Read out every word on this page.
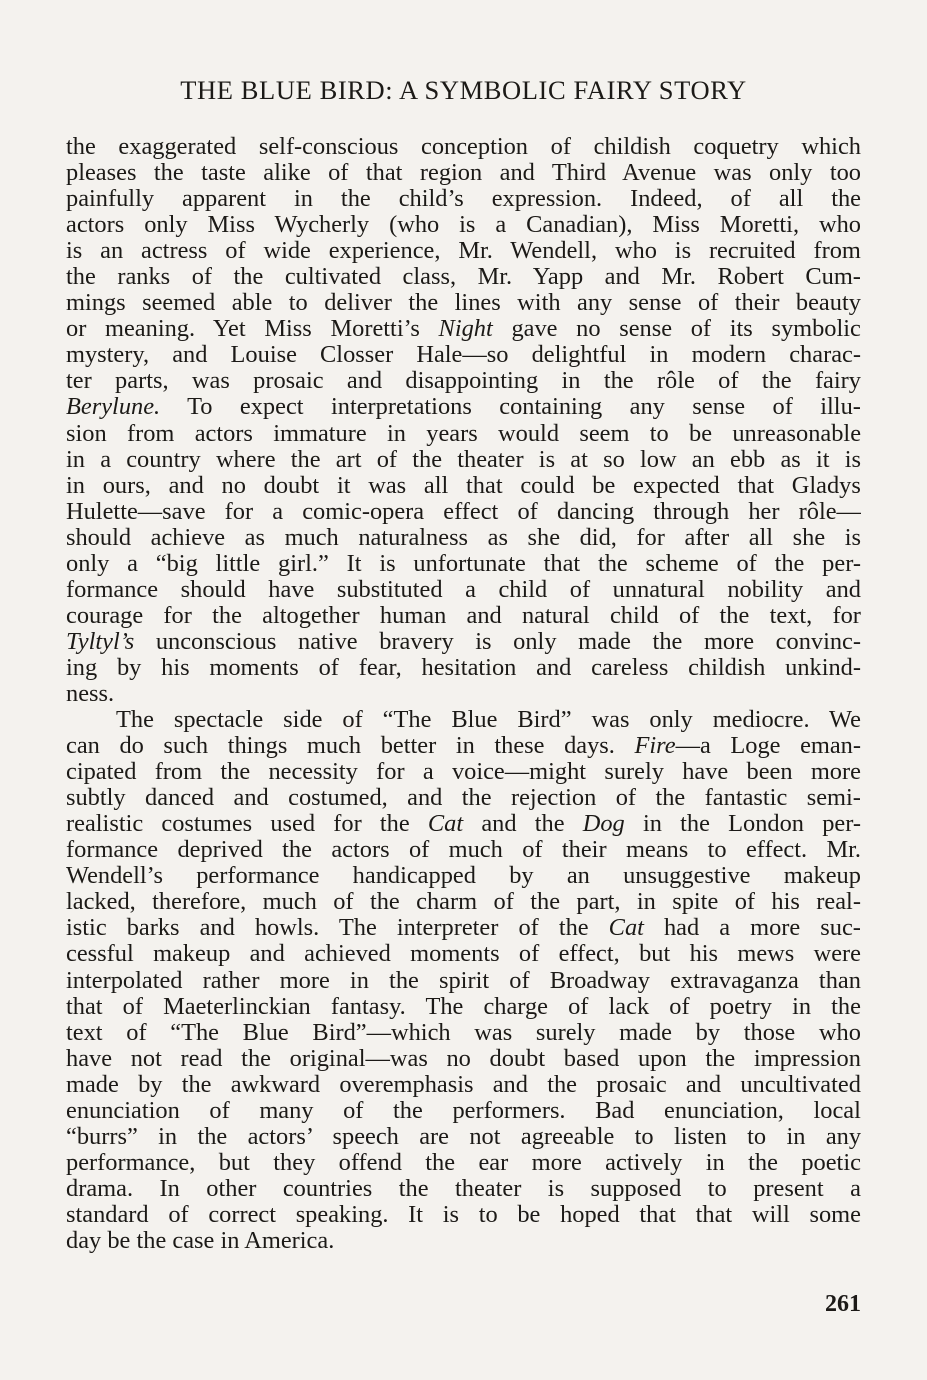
THE BLUE BIRD: A SYMBOLIC FAIRY STORY
the exaggerated self-conscious conception of childish coquetry which
pleases the taste alike of that region and Third Avenue was only too
painfully apparent in the child’s expression. Indeed, of all the
actors only Miss Wycherly (who is a Canadian), Miss Moretti, who
is an actress of wide experience, Mr. Wendell, who is recruited from
the ranks of the cultivated class, Mr. Yapp and Mr. Robert Cum-
mings seemed able to deliver the lines with any sense of their beauty
or meaning. Yet Miss Moretti’s Night gave no sense of its symbolic
mystery, and Louise Closser Hale—so delightful in modern charac-
ter parts, was prosaic and disappointing in the rôle of the fairy
Berylune. To expect interpretations containing any sense of illu-
sion from actors immature in years would seem to be unreasonable
in a country where the art of the theater is at so low an ebb as it is
in ours, and no doubt it was all that could be expected that Gladys
Hulette—save for a comic-opera effect of dancing through her rôle—
should achieve as much naturalness as she did, for after all she is
only a “big little girl.” It is unfortunate that the scheme of the per-
formance should have substituted a child of unnatural nobility and
courage for the altogether human and natural child of the text, for
Tyltyl’s unconscious native bravery is only made the more convinc-
ing by his moments of fear, hesitation and careless childish unkind-
ness.
The spectacle side of “The Blue Bird” was only mediocre. We
can do such things much better in these days. Fire—a Loge eman-
cipated from the necessity for a voice—might surely have been more
subtly danced and costumed, and the rejection of the fantastic semi-
realistic costumes used for the Cat and the Dog in the London per-
formance deprived the actors of much of their means to effect. Mr.
Wendell’s performance handicapped by an unsuggestive makeup
lacked, therefore, much of the charm of the part, in spite of his real-
istic barks and howls. The interpreter of the Cat had a more suc-
cessful makeup and achieved moments of effect, but his mews were
interpolated rather more in the spirit of Broadway extravaganza than
that of Maeterlinckian fantasy. The charge of lack of poetry in the
text of “The Blue Bird”—which was surely made by those who
have not read the original—was no doubt based upon the impression
made by the awkward overemphasis and the prosaic and uncultivated
enunciation of many of the performers. Bad enunciation, local
“burrs” in the actors’ speech are not agreeable to listen to in any
performance, but they offend the ear more actively in the poetic
drama. In other countries the theater is supposed to present a
standard of correct speaking. It is to be hoped that that will some
day be the case in America.
261
